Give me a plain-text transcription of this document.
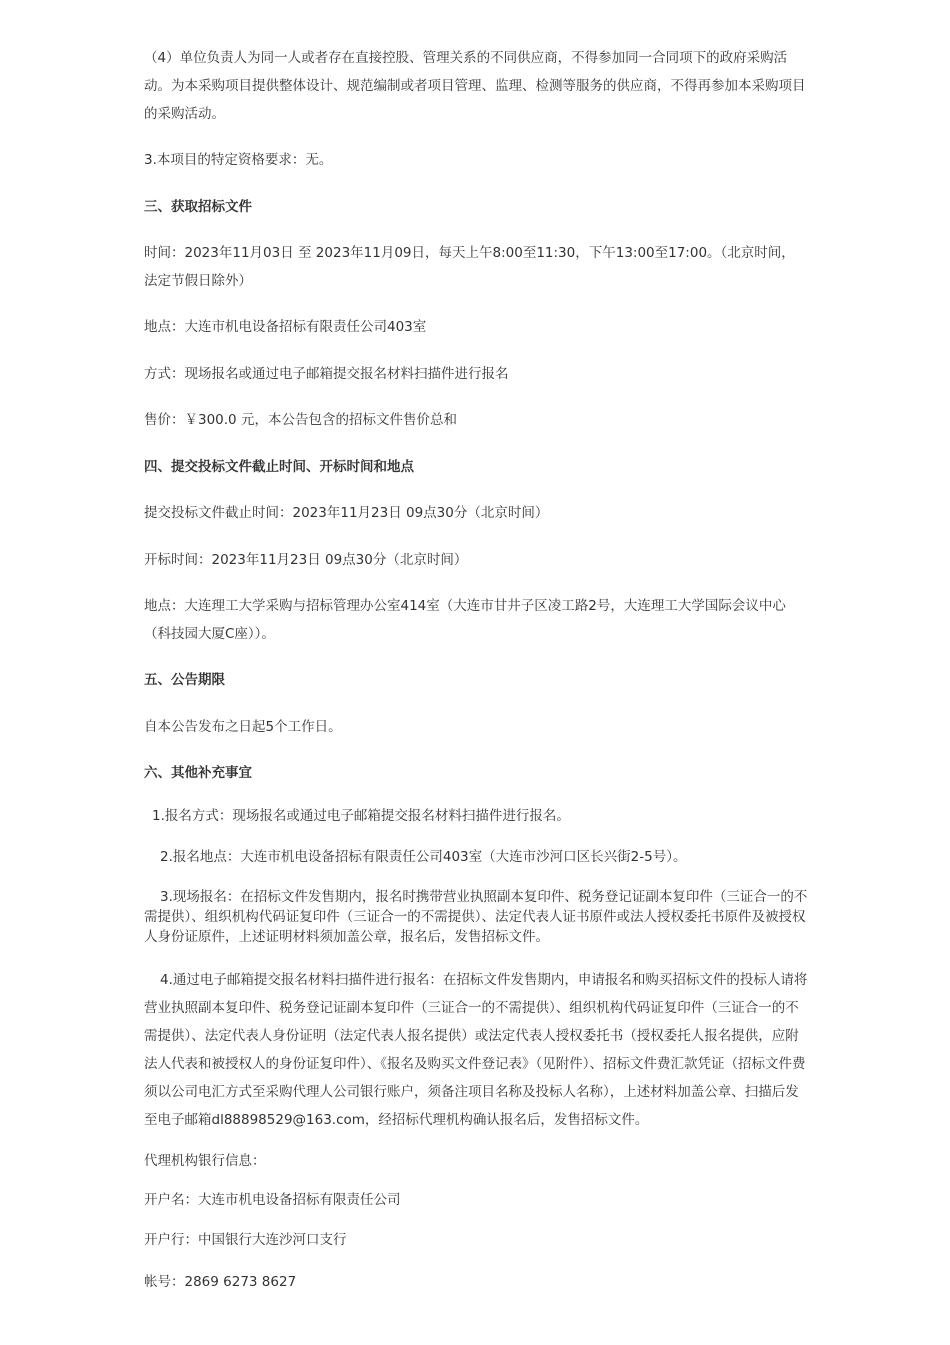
（4）单位负责人为同一人或者存在直接控股、管理关系的不同供应商，不得参加同一合同项下的政府采购活动。为本采购项目提供整体设计、规范编制或者项目管理、监理、检测等服务的供应商，不得再参加本采购项目的采购活动。

3.本项目的特定资格要求：无。

三、获取招标文件

时间：2023年11月03日 至 2023年11月09日，每天上午8:00至11:30，下午13:00至17:00。（北京时间，法定节假日除外）

地点：大连市机电设备招标有限责任公司403室

方式：现场报名或通过电子邮箱提交报名材料扫描件进行报名

售价：￥300.0 元，本公告包含的招标文件售价总和

四、提交投标文件截止时间、开标时间和地点

提交投标文件截止时间：2023年11月23日 09点30分（北京时间）

开标时间：2023年11月23日 09点30分（北京时间）

地点：大连理工大学采购与招标管理办公室414室（大连市甘井子区凌工路2号，大连理工大学国际会议中心（科技园大厦C座））。

五、公告期限

自本公告发布之日起5个工作日。

六、其他补充事宜

1.报名方式：现场报名或通过电子邮箱提交报名材料扫描件进行报名。

2.报名地点：大连市机电设备招标有限责任公司403室（大连市沙河口区长兴街2-5号）。

3.现场报名：在招标文件发售期内，报名时携带营业执照副本复印件、税务登记证副本复印件（三证合一的不需提供）、组织机构代码证复印件（三证合一的不需提供）、法定代表人证书原件或法人授权委托书原件及被授权人身份证原件，上述证明材料须加盖公章，报名后，发售招标文件。

4.通过电子邮箱提交报名材料扫描件进行报名：在招标文件发售期内，申请报名和购买招标文件的投标人请将营业执照副本复印件、税务登记证副本复印件（三证合一的不需提供）、组织机构代码证复印件（三证合一的不需提供）、法定代表人身份证明（法定代表人报名提供）或法定代表人授权委托书（授权委托人报名提供，应附法人代表和被授权人的身份证复印件）、《报名及购买文件登记表》（见附件）、招标文件费汇款凭证（招标文件费须以公司电汇方式至采购代理人公司银行账户，须备注项目名称及投标人名称），上述材料加盖公章、扫描后发至电子邮箱dl88898529@163.com，经招标代理机构确认报名后，发售招标文件。

代理机构银行信息：

开户名：大连市机电设备招标有限责任公司

开户行：中国银行大连沙河口支行

帐号：2869 6273 8627
